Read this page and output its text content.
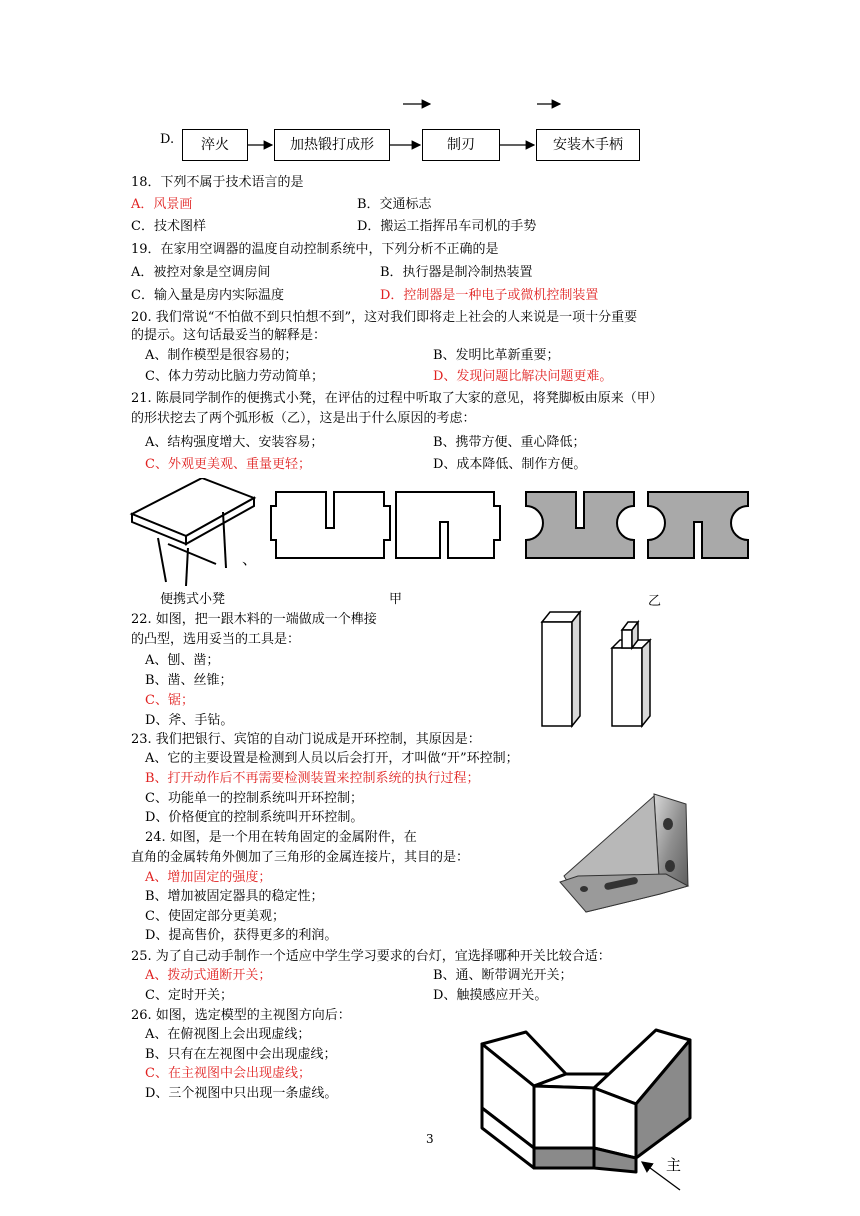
D.	淬火	加热锻打成形	制刃	安装木手柄
18．下列不属于技术语言的是
A．风景画	B．交通标志
C．技术图样	D．搬运工指挥吊车司机的手势
19．在家用空调器的温度自动控制系统中，下列分析不正确的是
A．被控对象是空调房间	B．执行器是制冷制热装置
C．输入量是房内实际温度	D．控制器是一种电子或微机控制装置
20. 我们常说“不怕做不到只怕想不到”，这对我们即将走上社会的人来说是一项十分重要
的提示。这句话最妥当的解释是：
A、制作模型是很容易的；	B、发明比革新重要；
C、体力劳动比脑力劳动简单；	D、发现问题比解决问题更难。
21. 陈晨同学制作的便携式小凳，在评估的过程中听取了大家的意见，将凳脚板由原来（甲）
的形状挖去了两个弧形板（乙），这是出于什么原因的考虑：
A、结构强度增大、安装容易；	B、携带方便、重心降低；
C、外观更美观、重量更轻；	D、成本降低、制作方便。
、
便携式小凳	甲	乙
22. 如图，把一跟木料的一端做成一个榫接
的凸型，选用妥当的工具是：
A、刨、凿；
B、凿、丝锥；
C、锯；
D、斧、手钻。
23. 我们把银行、宾馆的自动门说成是开环控制，其原因是：
A、它的主要设置是检测到人员以后会打开，才叫做“开”环控制；
B、打开动作后不再需要检测装置来控制系统的执行过程；
C、功能单一的控制系统叫开环控制；
D、价格便宜的控制系统叫开环控制。
24. 如图，是一个用在转角固定的金属附件，在
直角的金属转角外侧加了三角形的金属连接片，其目的是：
A、增加固定的强度；
B、增加被固定器具的稳定性；
C、使固定部分更美观；
D、提高售价，获得更多的利润。
25. 为了自己动手制作一个适应中学生学习要求的台灯，宜选择哪种开关比较合适：
A、拨动式通断开关；	B、通、断带调光开关；
C、定时开关；	D、触摸感应开关。
26. 如图，选定模型的主视图方向后：
A、在俯视图上会出现虚线；
B、只有在左视图中会出现虚线；
C、在主视图中会出现虚线；
D、三个视图中只出现一条虚线。
主
3
